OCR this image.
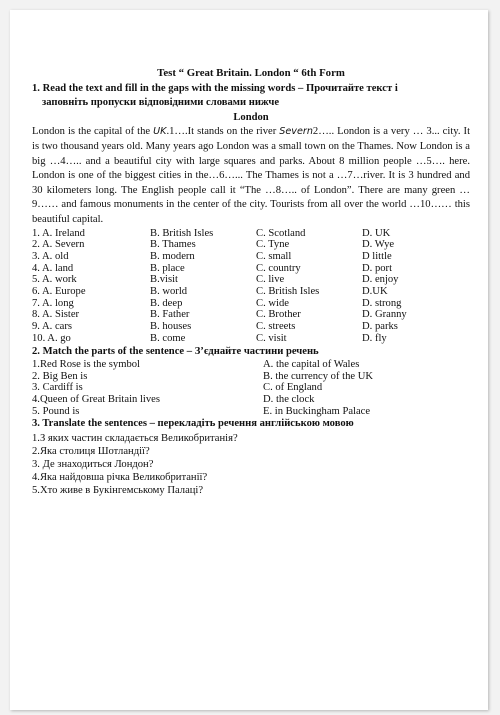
Test “ Great Britain. London “ 6th Form
1. Read the text and fill in the gaps with the missing words – Прочитайте текст і
заповніть пропуски відповідними словами нижче
London
London is the capital of the UK.1….It stands on the river Severn2….. London is a very … 3... city. It is two thousand years old. Many years ago London was a small town on the Thames. Now London is a big …4….. and a beautiful city with large squares and parks. About 8 million people …5…. here. London is one of the biggest cities in the…6…... The Thames is not a …7…river. It is 3 hundred and 30 kilometers long. The English people call it “The …8….. of London”. There are many green …9…… and famous monuments in the center of the city. Tourists from all over the world …10…… this beautiful capital.
1. A. Ireland	B. British Isles	C. Scotland	D. UK
2. A. Severn	B. Thames	C. Tyne	D. Wye
3. A. old	B. modern	C. small	D little
4. A. land	B. place	C. country	D. port
5. A. work	B.visit	C. live	D. enjoy
6. A. Europe	B. world	C. British Isles	D.UK
7. A. long	B. deep	C. wide	D. strong
8. A. Sister	B. Father	C. Brother	D. Granny
9. A. cars	B. houses	C. streets	D. parks
10. A. go	B. come	C. visit	D. fly
2. Match the parts of the sentence – З’єднайте частини речень
1.Red Rose is the symbol	A. the capital of Wales
2. Big Ben is	B. the currency of the UK
3. Cardiff is	C. of England
4.Queen of Great Britain lives	D. the clock
5. Pound is	E. in Buckingham Palace
3. Translate the sentences – перекладіть речення англійською мовою
1.З яких частин складається Великобританія?
2.Яка столиця Шотландії?
3. Де знаходиться Лондон?
4.Яка найдовша річка Великобританії?
5.Хто живе в Букінгемському Палаці?
